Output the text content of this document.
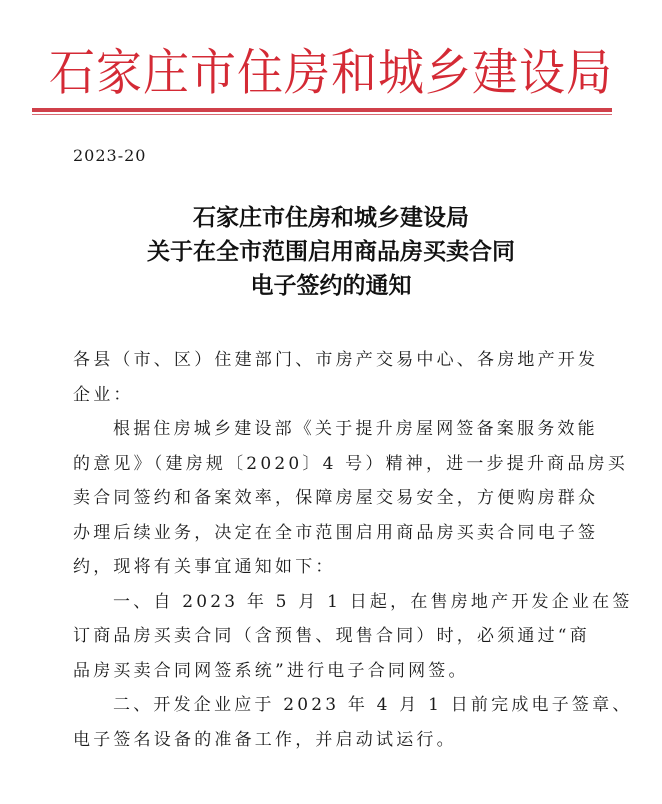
石家庄市住房和城乡建设局
2023-20
石家庄市住房和城乡建设局
关于在全市范围启用商品房买卖合同
电子签约的通知
各县（市、区）住建部门、市房产交易中心、各房地产开发
企业：
根据住房城乡建设部《关于提升房屋网签备案服务效能
的意见》（建房规〔2020〕4 号）精神，进一步提升商品房买
卖合同签约和备案效率，保障房屋交易安全，方便购房群众
办理后续业务，决定在全市范围启用商品房买卖合同电子签
约，现将有关事宜通知如下：
一、自 2023 年 5 月 1 日起，在售房地产开发企业在签
订商品房买卖合同（含预售、现售合同）时，必须通过“商
品房买卖合同网签系统”进行电子合同网签。
二、开发企业应于 2023 年 4 月 1 日前完成电子签章、
电子签名设备的准备工作，并启动试运行。
